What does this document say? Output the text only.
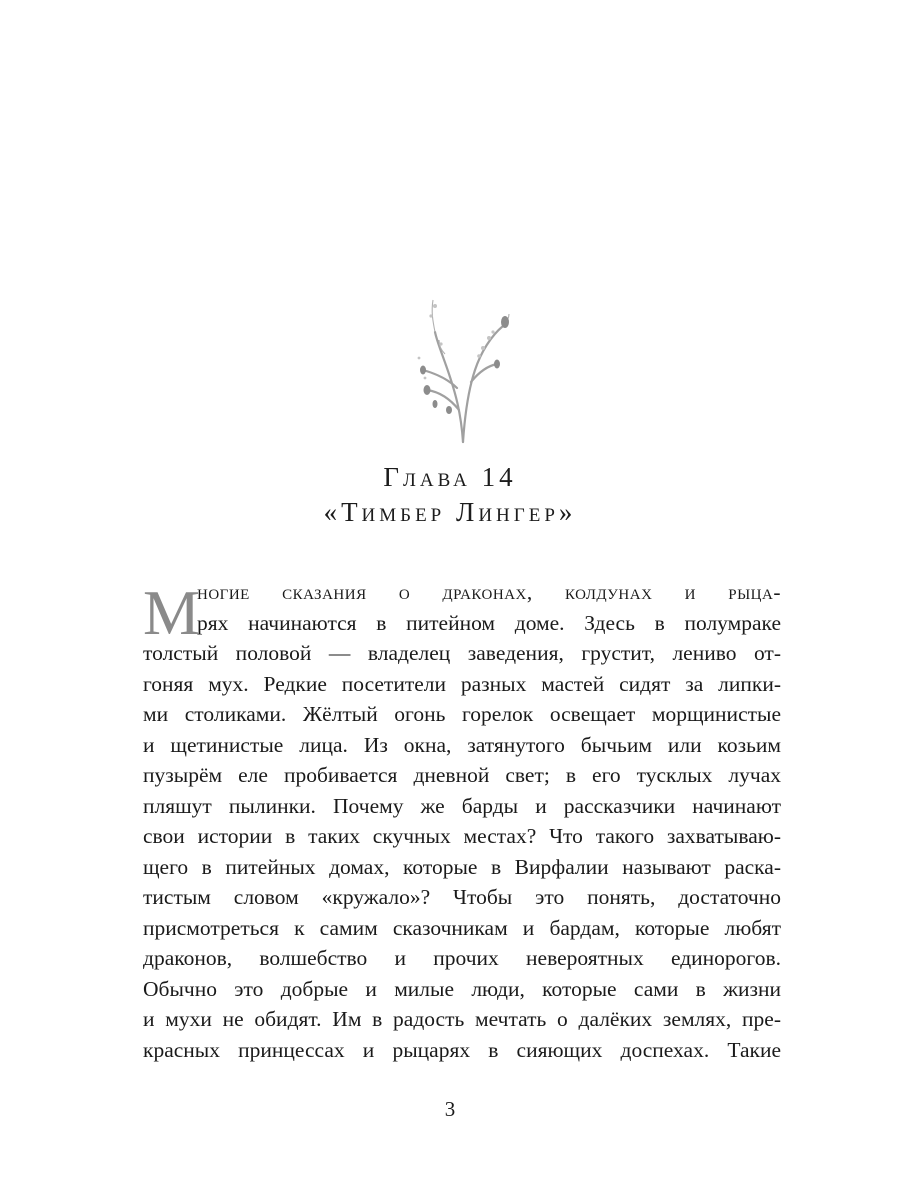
Глава 14
«Тимбер Лингер»
М
ногие сказания о драконах, колдунах и рыца-
рях начинаются в питейном доме. Здесь в полумраке
толстый половой — владелец заведения, грустит, лениво от-
гоняя мух. Редкие посетители разных мастей сидят за липки-
ми столиками. Жёлтый огонь горелок освещает морщинистые
и щетинистые лица. Из окна, затянутого бычьим или козьим
пузырём еле пробивается дневной свет; в его тусклых лучах
пляшут пылинки. Почему же барды и рассказчики начинают
свои истории в таких скучных местах? Что такого захватываю-
щего в питейных домах, которые в Вирфалии называют раска-
тистым словом «кружало»? Чтобы это понять, достаточно
присмотреться к самим сказочникам и бардам, которые любят
драконов, волшебство и прочих невероятных единорогов.
Обычно это добрые и милые люди, которые сами в жизни
и мухи не обидят. Им в радость мечтать о далёких землях, пре-
красных принцессах и рыцарях в сияющих доспехах. Такие
3
